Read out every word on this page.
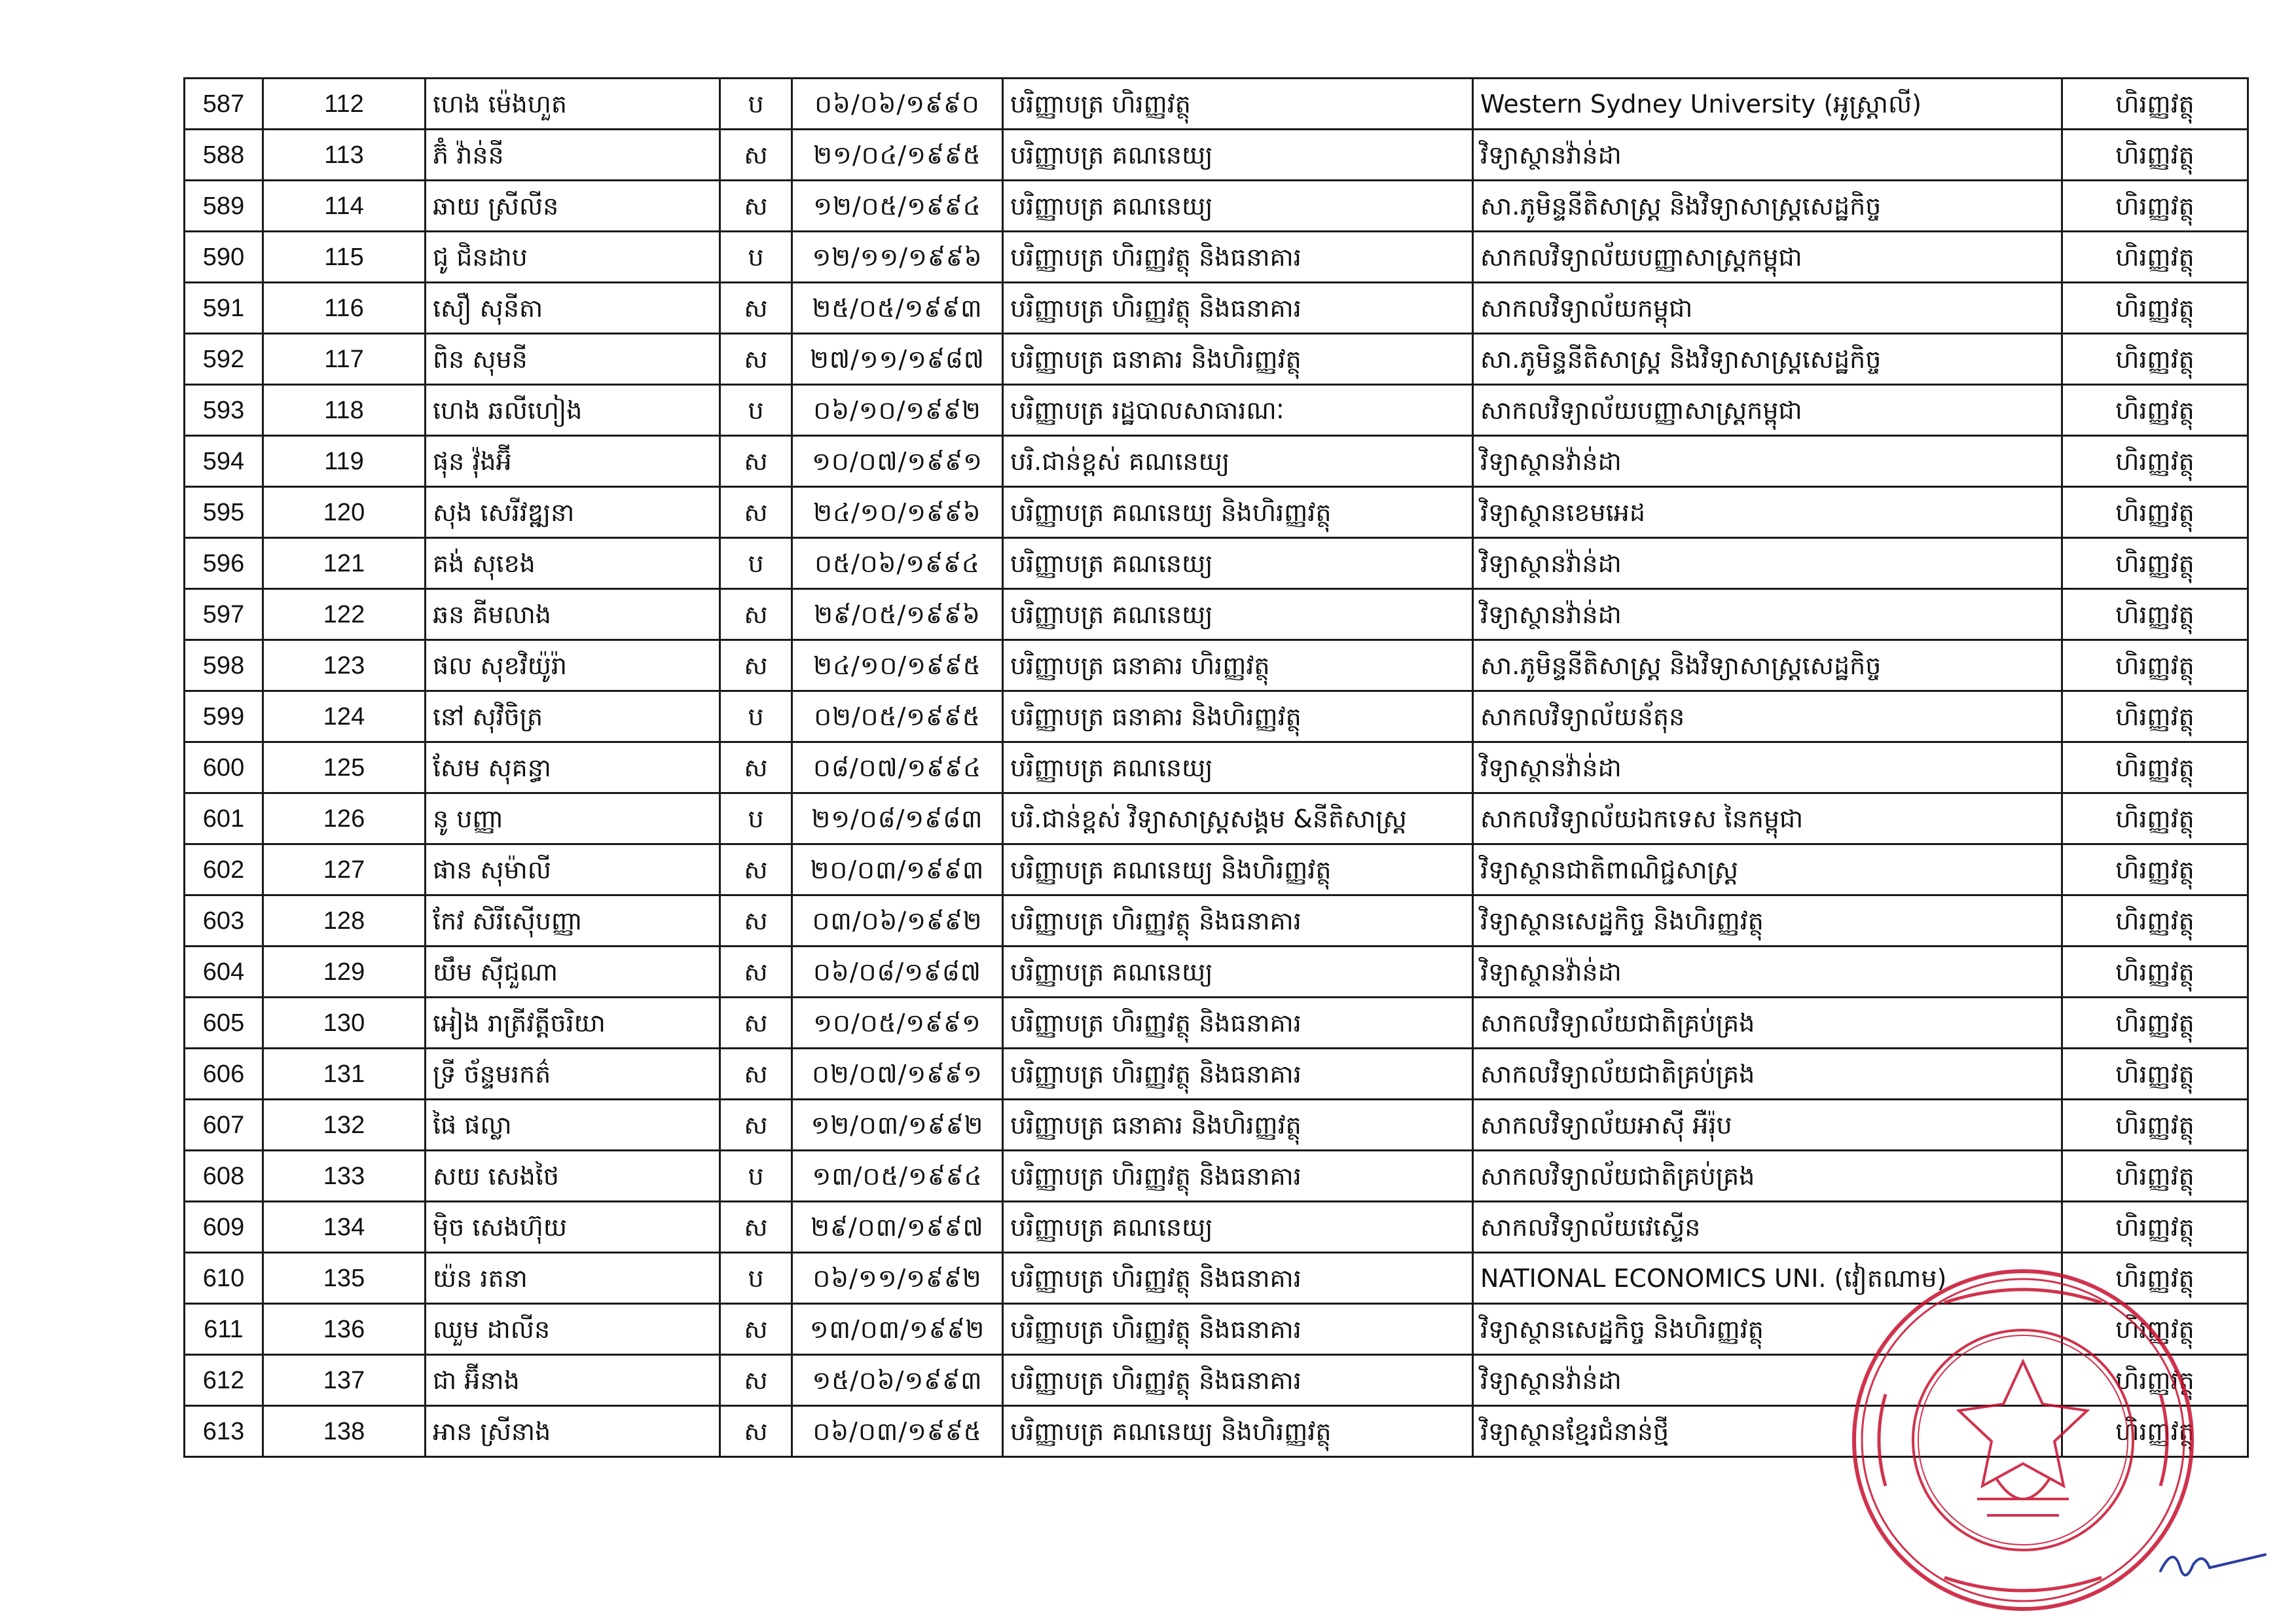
587	112	ហេង ម៉េងហួត	ប	០៦/០៦/១៩៩០	បរិញ្ញាបត្រ ហិរញ្ញវត្ថុ	Western Sydney University (អូស្ត្រាលី)	ហិរញ្ញវត្ថុ
588	113	ភ៊ំ វ៉ាន់នី	ស	២១/០៤/១៩៩៥	បរិញ្ញាបត្រ គណនេយ្យ	វិទ្យាស្ថានវ៉ាន់ដា	ហិរញ្ញវត្ថុ
589	114	ឆាយ ស្រីលីន	ស	១២/០៥/១៩៩៤	បរិញ្ញាបត្រ គណនេយ្យ	សា.ភូមិន្ទនីតិសាស្ត្រ និងវិទ្យាសាស្ត្រសេដ្ឋកិច្ច	ហិរញ្ញវត្ថុ
590	115	ជូ ជិនដាប	ប	១២/១១/១៩៩៦	បរិញ្ញាបត្រ ហិរញ្ញវត្ថុ និងធនាគារ	សាកលវិទ្យាល័យបញ្ញាសាស្ត្រកម្ពុជា	ហិរញ្ញវត្ថុ
591	116	សឿ សុនីតា	ស	២៥/០៥/១៩៩៣	បរិញ្ញាបត្រ ហិរញ្ញវត្ថុ និងធនាគារ	សាកលវិទ្យាល័យកម្ពុជា	ហិរញ្ញវត្ថុ
592	117	ពិន សុមនី	ស	២៧/១១/១៩៨៧	បរិញ្ញាបត្រ ធនាគារ និងហិរញ្ញវត្ថុ	សា.ភូមិន្ទនីតិសាស្ត្រ និងវិទ្យាសាស្ត្រសេដ្ឋកិច្ច	ហិរញ្ញវត្ថុ
593	118	ហេង ឆលីហៀង	ប	០៦/១០/១៩៩២	បរិញ្ញាបត្រ រដ្ឋបាលសាធារណៈ	សាកលវិទ្យាល័យបញ្ញាសាស្ត្រកម្ពុជា	ហិរញ្ញវត្ថុ
594	119	ផុន វ៉ុងអ៊ី	ស	១០/០៧/១៩៩១	បរិ.ជាន់ខ្ពស់ គណនេយ្យ	វិទ្យាស្ថានវ៉ាន់ដា	ហិរញ្ញវត្ថុ
595	120	សុង សេរីវឌ្ឍនា	ស	២៤/១០/១៩៩៦	បរិញ្ញាបត្រ គណនេយ្យ និងហិរញ្ញវត្ថុ	វិទ្យាស្ថានខេមអេដ	ហិរញ្ញវត្ថុ
596	121	គង់ សុខេង	ប	០៥/០៦/១៩៩៤	បរិញ្ញាបត្រ គណនេយ្យ	វិទ្យាស្ថានវ៉ាន់ដា	ហិរញ្ញវត្ថុ
597	122	ឆន គីមលាង	ស	២៩/០៥/១៩៩៦	បរិញ្ញាបត្រ គណនេយ្យ	វិទ្យាស្ថានវ៉ាន់ដា	ហិរញ្ញវត្ថុ
598	123	ផល សុខវិយ៉ូរ៉ា	ស	២៤/១០/១៩៩៥	បរិញ្ញាបត្រ ធនាគារ ហិរញ្ញវត្ថុ	សា.ភូមិន្ទនីតិសាស្ត្រ និងវិទ្យាសាស្ត្រសេដ្ឋកិច្ច	ហិរញ្ញវត្ថុ
599	124	នៅ សុវិចិត្រ	ប	០២/០៥/១៩៩៥	បរិញ្ញាបត្រ ធនាគារ និងហិរញ្ញវត្ថុ	សាកលវិទ្យាល័យន័តុន	ហិរញ្ញវត្ថុ
600	125	សែម សុគន្ធា	ស	០៨/០៧/១៩៩៤	បរិញ្ញាបត្រ គណនេយ្យ	វិទ្យាស្ថានវ៉ាន់ដា	ហិរញ្ញវត្ថុ
601	126	នូ បញ្ញា	ប	២១/០៨/១៩៨៣	បរិ.ជាន់ខ្ពស់ វិទ្យាសាស្ត្រសង្គម &នីតិសាស្ត្រ	សាកលវិទ្យាល័យឯកទេស នៃកម្ពុជា	ហិរញ្ញវត្ថុ
602	127	ផាន សុម៉ាលី	ស	២០/០៣/១៩៩៣	បរិញ្ញាបត្រ គណនេយ្យ និងហិរញ្ញវត្ថុ	វិទ្យាស្ថានជាតិពាណិជ្ជសាស្ត្រ	ហិរញ្ញវត្ថុ
603	128	កែវ សិរីស៊ើបញ្ញា	ស	០៣/០៦/១៩៩២	បរិញ្ញាបត្រ ហិរញ្ញវត្ថុ និងធនាគារ	វិទ្យាស្ថានសេដ្ឋកិច្ច និងហិរញ្ញវត្ថុ	ហិរញ្ញវត្ថុ
604	129	យឹម ស៊ីជួណា	ស	០៦/០៨/១៩៨៧	បរិញ្ញាបត្រ គណនេយ្យ	វិទ្យាស្ថានវ៉ាន់ដា	ហិរញ្ញវត្ថុ
605	130	អៀង រាត្រីវត្តីចរិយា	ស	១០/០៥/១៩៩១	បរិញ្ញាបត្រ ហិរញ្ញវត្ថុ និងធនាគារ	សាកលវិទ្យាល័យជាតិគ្រប់គ្រង	ហិរញ្ញវត្ថុ
606	131	ទ្រី ច័ន្ទមរកត៌	ស	០២/០៧/១៩៩១	បរិញ្ញាបត្រ ហិរញ្ញវត្ថុ និងធនាគារ	សាកលវិទ្យាល័យជាតិគ្រប់គ្រង	ហិរញ្ញវត្ថុ
607	132	ផៃ ផល្លា	ស	១២/០៣/១៩៩២	បរិញ្ញាបត្រ ធនាគារ និងហិរញ្ញវត្ថុ	សាកលវិទ្យាល័យអាស៊ី អឺរ៉ុប	ហិរញ្ញវត្ថុ
608	133	សយ សេងថៃ	ប	១៣/០៥/១៩៩៤	បរិញ្ញាបត្រ ហិរញ្ញវត្ថុ និងធនាគារ	សាកលវិទ្យាល័យជាតិគ្រប់គ្រង	ហិរញ្ញវត្ថុ
609	134	ម៉ិច សេងហ៊ុយ	ស	២៩/០៣/១៩៩៧	បរិញ្ញាបត្រ គណនេយ្យ	សាកលវិទ្យាល័យវេស្ទើន	ហិរញ្ញវត្ថុ
610	135	យ៉ន រតនា	ប	០៦/១១/១៩៩២	បរិញ្ញាបត្រ ហិរញ្ញវត្ថុ និងធនាគារ	NATIONAL ECONOMICS UNI. (វៀតណាម)	ហិរញ្ញវត្ថុ
611	136	ឈួម ដាលីន	ស	១៣/០៣/១៩៩២	បរិញ្ញាបត្រ ហិរញ្ញវត្ថុ និងធនាគារ	វិទ្យាស្ថានសេដ្ឋកិច្ច និងហិរញ្ញវត្ថុ	ហិរញ្ញវត្ថុ
612	137	ជា អ៊ីនាង	ស	១៥/០៦/១៩៩៣	បរិញ្ញាបត្រ ហិរញ្ញវត្ថុ និងធនាគារ	វិទ្យាស្ថានវ៉ាន់ដា	ហិរញ្ញវត្ថុ
613	138	អាន ស្រីនាង	ស	០៦/០៣/១៩៩៥	បរិញ្ញាបត្រ គណនេយ្យ និងហិរញ្ញវត្ថុ	វិទ្យាស្ថានខ្មែរជំនាន់ថ្មី	ហិរញ្ញវត្ថុ
